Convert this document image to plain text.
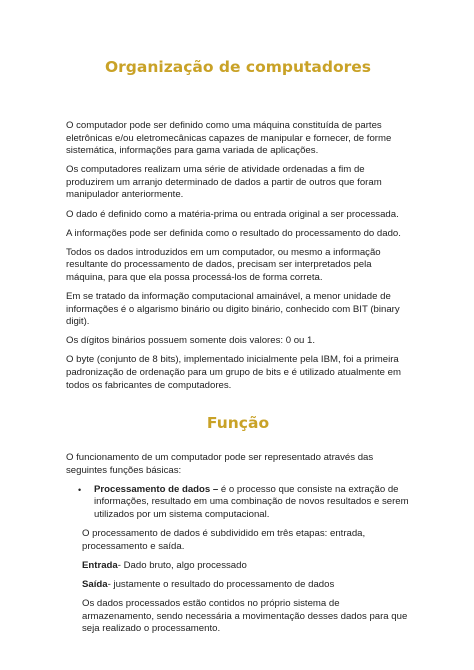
Organização de computadores

O computador pode ser definido como uma máquina constituída de partes eletrônicas e/ou eletromecânicas capazes de manipular e fornecer, de forme sistemática, informações para gama variada de aplicações.

Os computadores realizam uma série de atividade ordenadas a fim de produzirem um arranjo determinado de dados a partir de outros que foram manipulador anteriormente.

O dado é definido como a matéria-prima ou entrada original a ser processada.

A informações pode ser definida como o resultado do processamento do dado.

Todos os dados introduzidos em um computador, ou mesmo a informação resultante do processamento de dados, precisam ser interpretados pela máquina, para que ela possa processá-los de forma correta.

Em se tratado da informação computacional amainável, a menor unidade de informações é o algarismo binário ou digito binário, conhecido com BIT (binary digit).

Os dígitos binários possuem somente dois valores: 0 ou 1.

O byte (conjunto de 8 bits), implementado inicialmente pela IBM, foi a primeira padronização de ordenação para um grupo de bits e é utilizado atualmente em todos os fabricantes de computadores.

Função

O funcionamento de um computador pode ser representado através das seguintes funções básicas:

• Processamento de dados – é o processo que consiste na extração de informações, resultado em uma combinação de novos resultados e serem utilizados por um sistema computacional.

O processamento de dados é subdividido em três etapas: entrada, processamento e saída.

Entrada- Dado bruto, algo processado

Saída- justamente o resultado do processamento de dados

Os dados processados estão contidos no próprio sistema de armazenamento, sendo necessária a movimentação desses dados para que seja realizado o processamento.
